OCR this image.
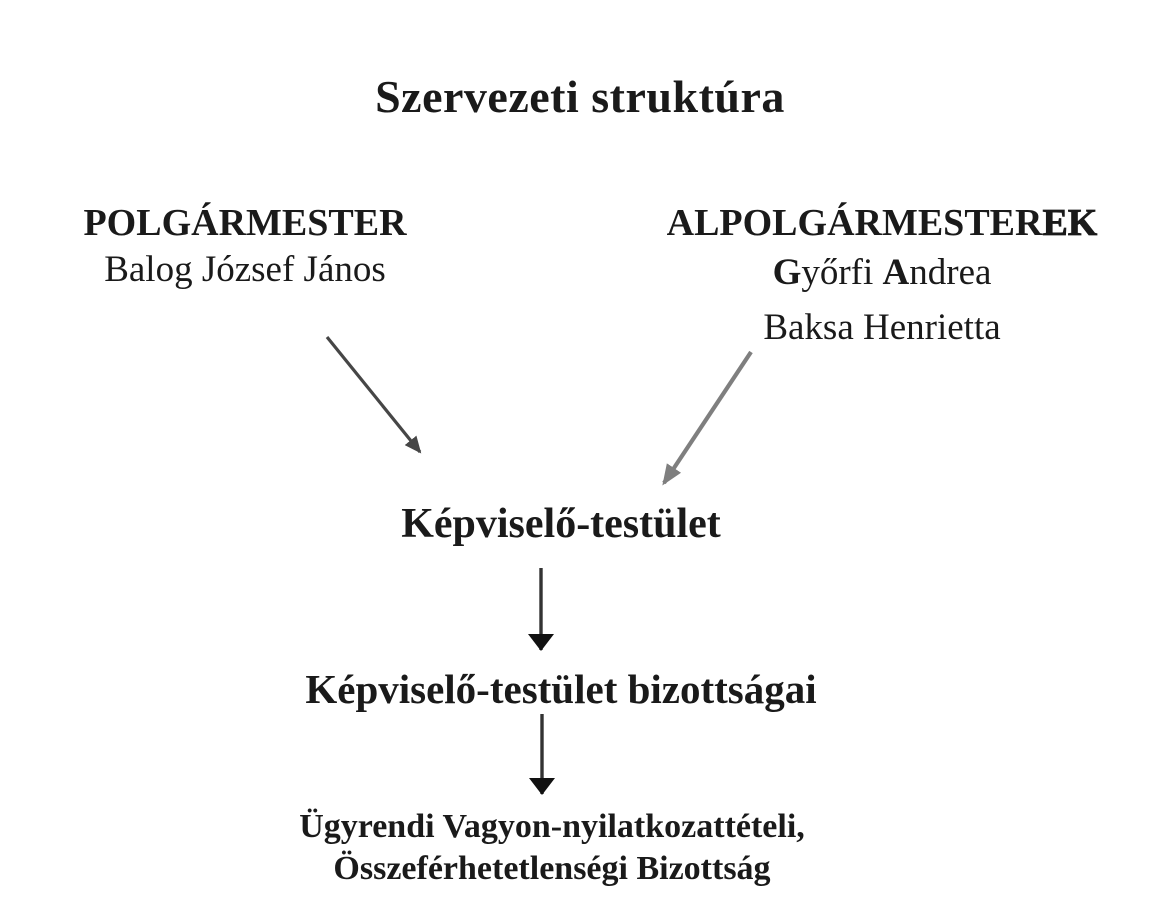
Szervezeti struktúra
POLGÁRMESTER
Balog József János
ALPOLGÁRMESTEREK
Győrfi Andrea
Baksa Henrietta
Képviselő-testület
Képviselő-testület bizottságai
Ügyrendi Vagyon-nyilatkozattételi,
Összeférhetetlenségi Bizottság
